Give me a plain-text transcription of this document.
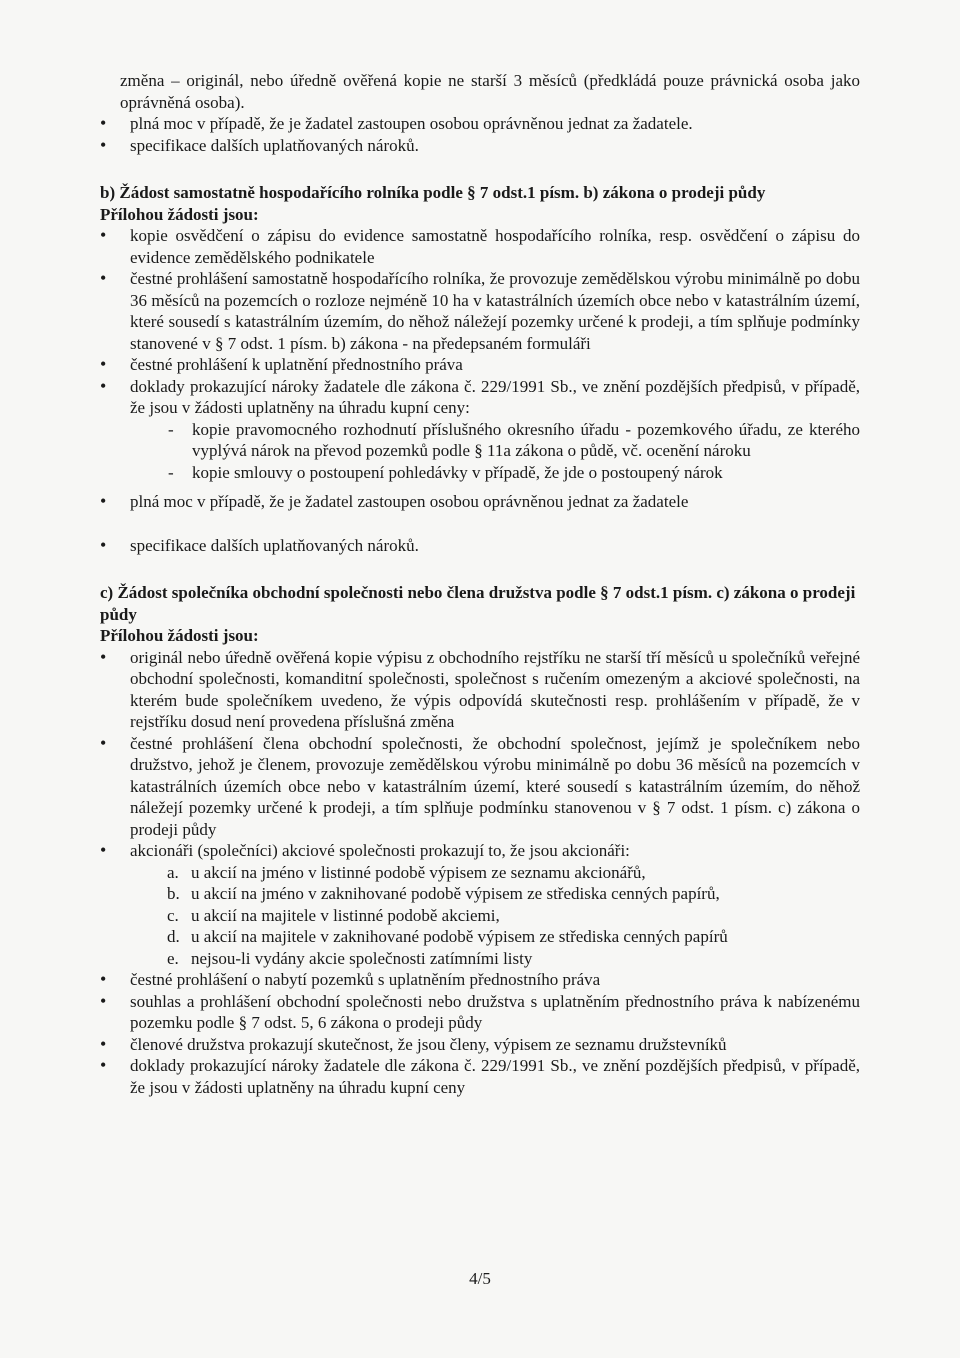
změna – originál, nebo úředně ověřená kopie ne starší 3 měsíců (předkládá pouze právnická osoba jako oprávněná osoba).

• plná moc v případě, že je žadatel zastoupen osobou oprávněnou jednat za žadatele.
• specifikace dalších uplatňovaných nároků.

b) Žádost samostatně hospodařícího rolníka podle § 7 odst.1 písm. b) zákona o prodeji půdy

Přílohou žádosti jsou:

• kopie osvědčení o zápisu do evidence samostatně hospodařícího rolníka, resp. osvědčení o zápisu do evidence zemědělského podnikatele
• čestné prohlášení samostatně hospodařícího rolníka, že provozuje zemědělskou výrobu minimálně po dobu 36 měsíců na pozemcích o rozloze nejméně 10 ha v katastrálních územích obce nebo v katastrálním území, které sousedí s katastrálním územím, do něhož náležejí pozemky určené k prodeji, a tím splňuje podmínky stanovené v § 7 odst. 1 písm. b) zákona - na předepsaném formuláři
• čestné prohlášení k uplatnění přednostního práva
• doklady prokazující nároky žadatele dle zákona č. 229/1991 Sb., ve znění pozdějších předpisů, v případě, že jsou v žádosti uplatněny na úhradu kupní ceny:
- kopie pravomocného rozhodnutí příslušného okresního úřadu - pozemkového úřadu, ze kterého vyplývá nárok na převod pozemků podle § 11a zákona o půdě, vč. ocenění nároku
- kopie smlouvy o postoupení pohledávky v případě, že jde o postoupený nárok
• plná moc v případě, že je žadatel zastoupen osobou oprávněnou jednat za žadatele
• specifikace dalších uplatňovaných nároků.

c) Žádost společníka obchodní společnosti nebo člena družstva podle § 7 odst.1 písm. c) zákona o prodeji půdy

Přílohou žádosti jsou:

• originál nebo úředně ověřená kopie výpisu z obchodního rejstříku ne starší tří měsíců u společníků veřejné obchodní společnosti, komanditní společnosti, společnost s ručením omezeným a akciové společnosti, na kterém bude společníkem uvedeno, že výpis odpovídá skutečnosti resp. prohlášením v případě, že v rejstříku dosud není provedena příslušná změna
• čestné prohlášení člena obchodní společnosti, že obchodní společnost, jejímž je společníkem nebo družstvo, jehož je členem, provozuje zemědělskou výrobu minimálně po dobu 36 měsíců na pozemcích v katastrálních územích obce nebo v katastrálním území, které sousedí s katastrálním územím, do něhož náležejí pozemky určené k prodeji, a tím splňuje podmínku stanovenou v § 7 odst. 1 písm. c) zákona o prodeji půdy
• akcionáři (společníci) akciové společnosti prokazují to, že jsou akcionáři:
a. u akcií na jméno v listinné podobě výpisem ze seznamu akcionářů,
b. u akcií na jméno v zaknihované podobě výpisem ze střediska cenných papírů,
c. u akcií na majitele v listinné podobě akciemi,
d. u akcií na majitele v zaknihované podobě výpisem ze střediska cenných papírů
e. nejsou-li vydány akcie společnosti zatímními listy
• čestné prohlášení o nabytí pozemků s uplatněním přednostního práva
• souhlas a prohlášení obchodní společnosti nebo družstva s uplatněním přednostního práva k nabízenému pozemku podle § 7 odst. 5, 6 zákona o prodeji půdy
• členové družstva prokazují skutečnost, že jsou členy, výpisem ze seznamu družstevníků
• doklady prokazující nároky žadatele dle zákona č. 229/1991 Sb., ve znění pozdějších předpisů, v případě, že jsou v žádosti uplatněny na úhradu kupní ceny
4/5
